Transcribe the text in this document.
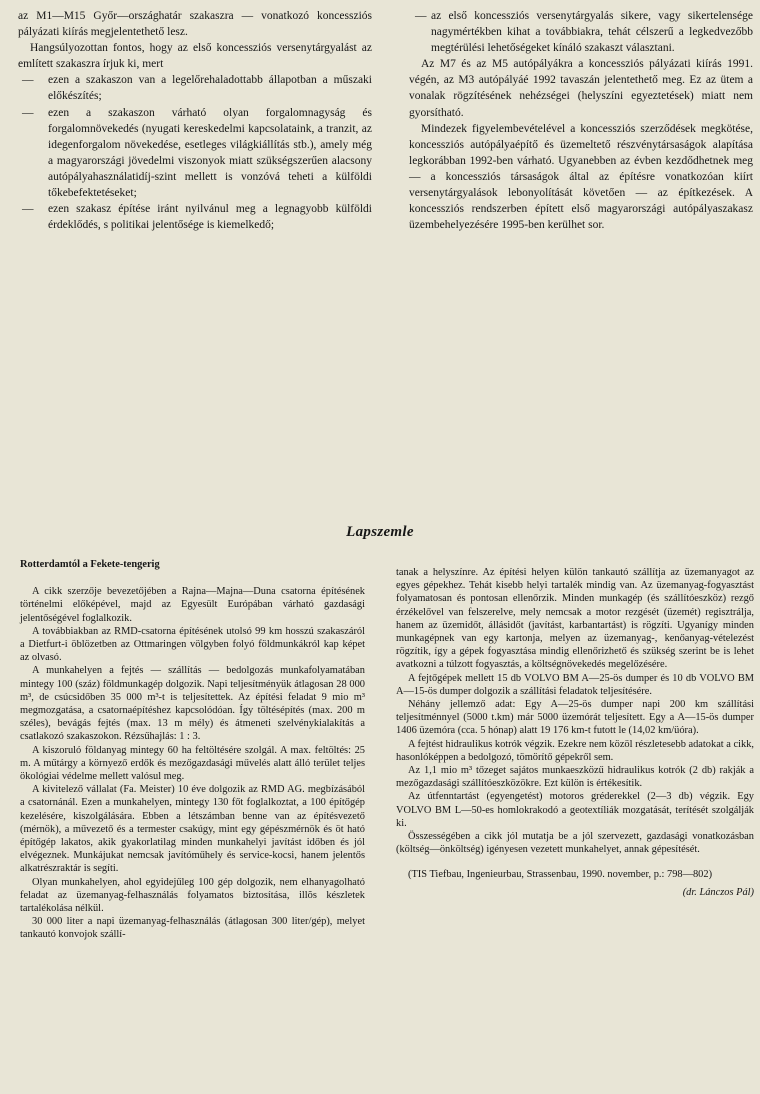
az M1—M15 Győr—országhatár szakaszra — vonatkozó koncessziós pályázati kiírás megjelentethető lesz.

Hangsúlyozottan fontos, hogy az első koncessziós versenytárgyalást az említett szakaszra írjuk ki, mert

— ezen a szakaszon van a legelőrehaladottabb állapotban a műszaki előkészítés;
— ezen a szakaszon várható olyan forgalomnagyság és forgalomnövekedés (nyugati kereskedelmi kapcsolataink, a tranzit, az idegenforgalom növekedése, esetleges világkiállítás stb.), amely még a magyarországi jövedelmi viszonyok miatt szükségszerűen alacsony autópályahasználatidíj-szint mellett is vonzóvá teheti a külföldi tőkebefektetéseket;
— ezen szakasz építése iránt nyilvánul meg a legnagyobb külföldi érdeklődés, s politikai jelentősége is kiemelkedő;
— az első koncessziós versenytárgyalás sikere, vagy sikertelensége nagymértékben kihat a továbbiakra, tehát célszerű a legkedvezőbb megtérülési lehetőségeket kínáló szakaszt választani.

Az M7 és az M5 autópályákra a koncessziós pályázati kiírás 1991. végén, az M3 autópályáé 1992 tavaszán jelentethető meg. Ez az ütem a vonalak rögzítésének nehézségei (helyszíni egyeztetések) miatt nem gyorsítható.

Mindezek figyelembevételével a koncessziós szerződések megkötése, koncessziós autópályaépítő és üzemeltető részvénytársaságok alapítása legkorábban 1992-ben várható. Ugyanebben az évben kezdődhetnek meg — a koncessziós társaságok által az építésre vonatkozóan kiírt versenytárgyalások lebonyolítását követően — az építkezések. A koncessziós rendszerben épített első magyarországi autópályaszakasz üzembehelyezésére 1995-ben kerülhet sor.

Lapszemle

Rotterdamtól a Fekete-tengerig

A cikk szerzője bevezetőjében a Rajna—Majna—Duna csatorna építésének történelmi előképével, majd az Egyesült Európában várható gazdasági jelentőségével foglalkozik.

A továbbiakban az RMD-csatorna építésének utolsó 99 km hosszú szakaszáról a Dietfurt-i öblözetben az Ottmaringen völgyben folyó földmunkákról kap képet az olvasó.

A munkahelyen a fejtés — szállítás — bedolgozás munkafolyamatában mintegy 100 (száz) földmunkagép dolgozik. Napi teljesítményük átlagosan 28 000 m³, de csúcsidőben 35 000 m³-t is teljesítettek. Az építési feladat 9 mio m³ megmozgatása, a csatornaépítéshez kapcsolódóan. Így töltésépítés (max. 200 m széles), bevágás fejtés (max. 13 m mély) és átmeneti szelvénykialakítás a csatlakozó szakaszokon. Rézsűhajlás: 1 : 3.

A kiszoruló földanyag mintegy 60 ha feltöltésére szolgál. A max. feltöltés: 25 m. A műtárgy a környező erdők és mezőgazdasági művelés alatt álló terület teljes ökológiai védelme mellett valósul meg.

A kivitelező vállalat (Fa. Meister) 10 éve dolgozik az RMD AG. megbízásából a csatornánál. Ezen a munkahelyen, mintegy 130 főt foglalkoztat, a 100 építőgép kezelésére, kiszolgálására. Ebben a létszámban benne van az építésvezető (mérnök), a művezető és a termester csakúgy, mint egy gépészmérnök és öt ható építőgép lakatos, akik gyakorlatilag minden munkahelyi javítást időben és jól elvégeznek. Munkájukat nemcsak javítóműhely és service-kocsi, hanem jelentős alkatrészraktár is segíti.

Olyan munkahelyen, ahol egyidejűleg 100 gép dolgozik, nem elhanyagolható feladat az üzemanyag-felhasználás folyamatos biztosítása, illõs készletek tartalékolása nélkül.

30 000 liter a napi üzemanyag-felhasználás (átlagosan 300 liter/gép), melyet tankautó konvojok szállí-

tanak a helyszínre. Az építési helyen külön tankautó szállítja az üzemanyagot az egyes gépekhez. Tehát kisebb helyi tartalék mindig van. Az üzemanyag-fogyasztást folyamatosan és pontosan ellenőrzik. Minden munkagép (és szállítóeszköz) rezgő érzékelővel van felszerelve, mely nemcsak a motor rezgését (üzemét) regisztrálja, hanem az üzemidőt, állásidőt (javítást, karbantartást) is rögzíti. Ugyanígy minden munkagépnek van egy kartonja, melyen az üzemanyag-, kenőanyag-vételezést rögzítik, így a gépek fogyasztása mindig ellenőrizhető és szükség szerint be is lehet avatkozni a túlzott fogyasztás, a költségnövekedés megelőzésére.

A fejtőgépek mellett 15 db VOLVO BM A—25-ös dumper és 10 db VOLVO BM A—15-ös dumper dolgozik a szállítási feladatok teljesítésére.

Néhány jellemző adat: Egy A—25-ös dumper napi 200 km szállítási teljesítménnyel (5000 t.km) már 5000 üzemórát teljesített. Egy a A—15-ös dumper 1406 üzemóra (cca. 5 hónap) alatt 19 176 km-t futott le (14,02 km/üóra).

A fejtést hidraulikus kotrók végzik. Ezekre nem közöl részletesebb adatokat a cikk, hasonlóképpen a bedolgozó, tömörítő gépekről sem.

Az 1,1 mio m³ tőzeget sajátos munkaeszközű hidraulikus kotrók (2 db) rakják a mezőgazdasági szállítóeszközökre. Ezt külön is értékesítik.

Az útfenntartást (egyengetést) motoros gréderekkel (2—3 db) végzik. Egy VOLVO BM L—50-es homlokrakodó a geotextíliák mozgatását, terítését szolgálják ki.

Összességében a cikk jól mutatja be a jól szervezett, gazdasági vonatkozásban (költség—önköltség) igényesen vezetett munkahelyet, annak gépesítését.

(TIS Tiefbau, Ingenieurbau, Strassenbau, 1990. november, p.: 798—802)

(dr. Lánczos Pál)
